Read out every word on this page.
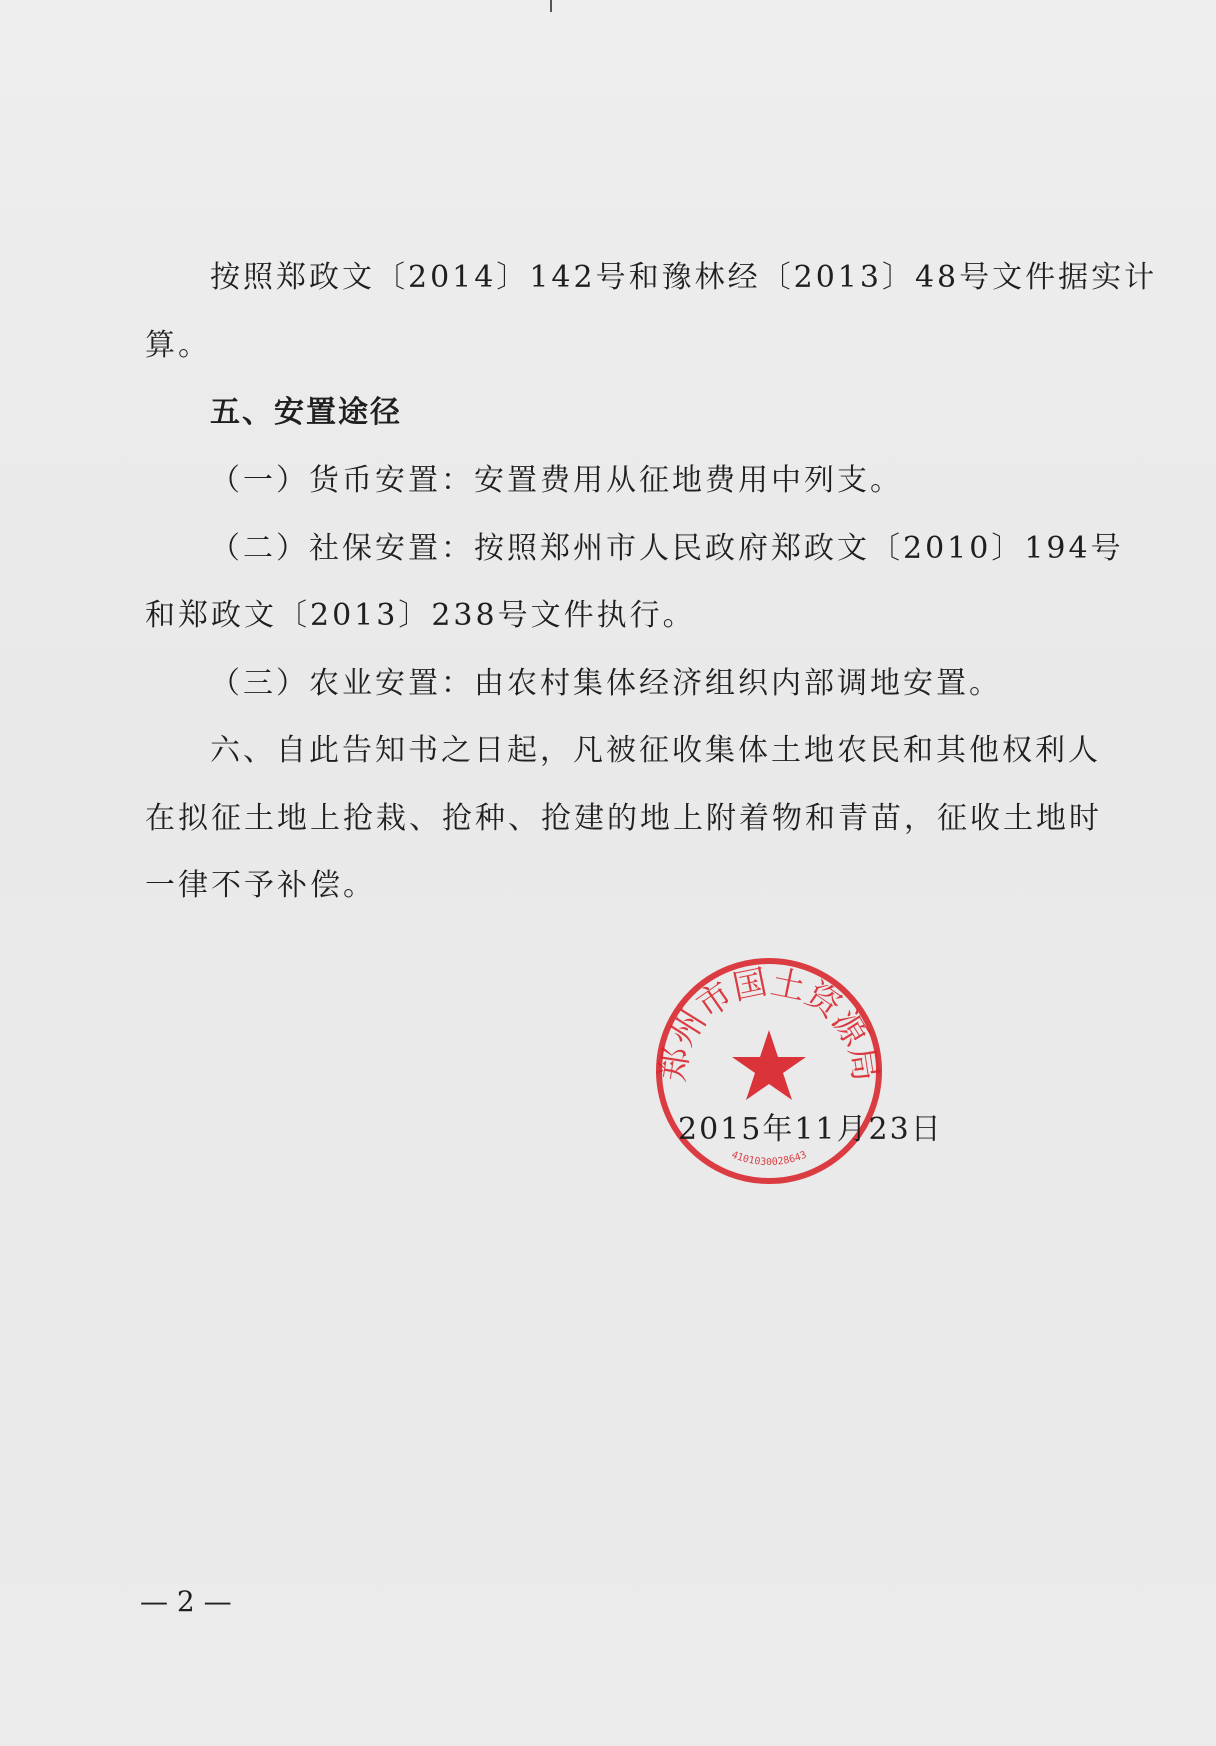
按照郑政文〔2014〕142号和豫林经〔2013〕48号文件据实计
算。
五、安置途径
（一）货币安置：安置费用从征地费用中列支。
（二）社保安置：按照郑州市人民政府郑政文〔2010〕194号
和郑政文〔2013〕238号文件执行。
（三）农业安置：由农村集体经济组织内部调地安置。
六、自此告知书之日起，凡被征收集体土地农民和其他权利人
在拟征土地上抢栽、抢种、抢建的地上附着物和青苗，征收土地时
一律不予补偿。
郑州市国土资源局
4101030028643
2015年11月23日
— 2 —
